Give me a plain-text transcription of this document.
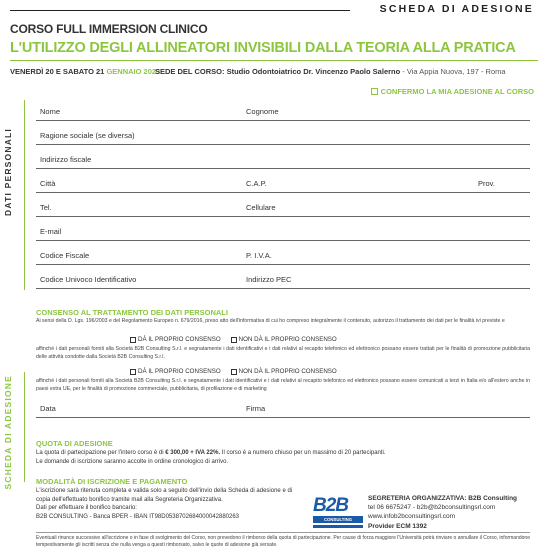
SCHEDA DI ADESIONE
CORSO FULL IMMERSION CLINICO
L'UTILIZZO DEGLI ALLINEATORI INVISIBILI DALLA TEORIA ALLA PRATICA
VENERDÌ 20 E SABATO 21 GENNAIO 2023
SEDE DEL CORSO: Studio Odontoiatrico Dr. Vincenzo Paolo Salerno - Via Appia Nuova, 197 - Roma
CONFERMO LA MIA ADESIONE AL CORSO
DATI PERSONALI
Nome	Cognome
Ragione sociale (se diversa)
Indirizzo fiscale
Città	C.A.P.	Prov.
Tel.	Cellulare
E-mail
Codice Fiscale	P. I.V.A.
Codice Univoco Identificativo	Indirizzo PEC
SCHEDA DI ADESIONE
CONSENSO AL TRATTAMENTO DEI DATI PERSONALI
Ai sensi della D. Lgs. 196/2003 e del Regolamento Europeo n. 679/2016, preso atto dell'informativa di cui ho compreso integralmente il contenuto, autorizzo il trattamento dei dati per le finalità ivi previste e
DÀ IL PROPRIO CONSENSO	NON DÀ IL PROPRIO CONSENSO
affinché i dati personali forniti alla Società B2B Consulting S.r.l. e segnatamente i dati identificativi e i dati relativi al recapito telefonico ed elettronico possano essere trattati per le finalità di promozione pubblicitaria delle attività condotte dalla Società B2B Consulting S.r.l.
DÀ IL PROPRIO CONSENSO	NON DÀ IL PROPRIO CONSENSO
affinché i dati personali forniti alla Società B2B Consulting S.r.l. e segnatamente i dati identificativi e i dati relativi al recapito telefonico ed elettronico possano essere comunicati a terzi in Italia e/o all'estero anche in paesi extra UE, per le finalità di promozione commerciale, pubblicitaria, di profilazione e di marketing
Data	Firma
QUOTA DI ADESIONE
La quota di partecipazione per l'intero corso è di € 300,00 + IVA 22%. Il corso è a numero chiuso per un massimo di 20 partecipanti.
Le domande di iscrizione saranno accolte in ordine cronologico di arrivo.
MODALITÀ DI ISCRIZIONE E PAGAMENTO
L'iscrizione sarà ritenuta completa e valida solo a seguito dell'invio della Scheda di adesione e di copia dell'effettuato bonifico tramite mail alla Segreteria Organizzativa.
Dati per effettuare il bonifico bancario:
B2B CONSULTING - Banca BPER - IBAN IT98D0538702684000042880263
B2B
CONSULTING
SEGRETERIA ORGANIZZATIVA: B2B Consulting
tel 06 6675247 - b2b@b2bconsultingsrl.com
www.infob2bconsultingsrl.com
Provider ECM 1392
Eventuali rinunce successive all'iscrizione o in fase di svolgimento del Corso, non prevedono il rimborso della quota di partecipazione. Per cause di forza maggiore l'Università potrà rinviare o annullare il Corso, informandone tempestivamente gli iscritti senza che nulla venga a questi rimborsato, salvo le quote di adesione già versate.
